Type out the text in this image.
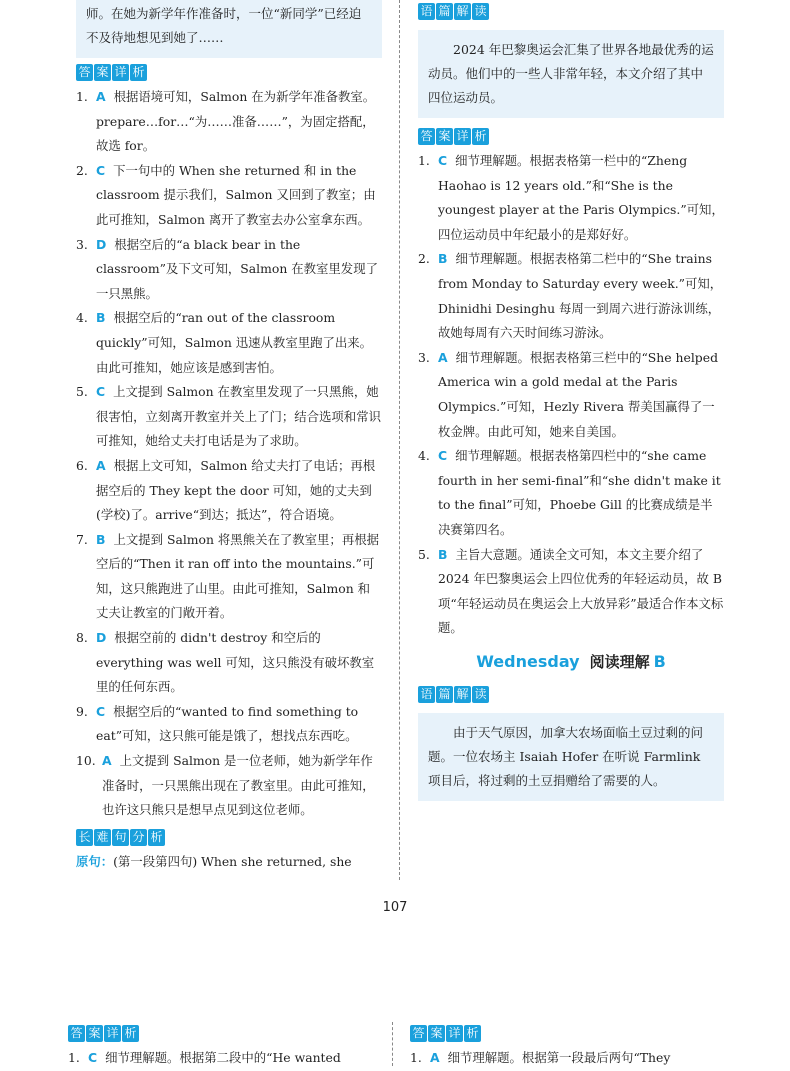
师。在她为新学年作准备时，一位“新同学”已经迫不及待地想见到她了……

答 案 详 析

1. A 根据语境可知，Salmon 在为新学年准备教室。prepare…for…“为……准备……”，为固定搭配，故选 for。

2. C 下一句中的 When she returned 和 in the classroom 提示我们，Salmon 又回到了教室；由此可推知，Salmon 离开了教室去办公室拿东西。

3. D 根据空后的“a black bear in the classroom”及下文可知，Salmon 在教室里发现了一只黑熊。

4. B 根据空后的“ran out of the classroom quickly”可知，Salmon 迅速从教室里跑了出来。由此可推知，她应该是感到害怕。

5. C 上文提到 Salmon 在教室里发现了一只黑熊，她很害怕，立刻离开教室并关上了门；结合选项和常识可推知，她给丈夫打电话是为了求助。

6. A 根据上文可知，Salmon 给丈夫打了电话；再根据空后的 They kept the door 可知，她的丈夫到(学校)了。arrive“到达；抵达”，符合语境。

7. B 上文提到 Salmon 将黑熊关在了教室里；再根据空后的“Then it ran off into the mountains.”可知，这只熊跑进了山里。由此可推知，Salmon 和丈夫让教室的门敞开着。

8. D 根据空前的 didn't destroy 和空后的 everything was well 可知，这只熊没有破坏教室里的任何东西。

9. C 根据空后的“wanted to find something to eat”可知，这只熊可能是饿了，想找点东西吃。

10. A 上文提到 Salmon 是一位老师，她为新学年作准备时，一只黑熊出现在了教室里。由此可推知，也许这只熊只是想早点见到这位老师。

长 难 句 分 析
原句：(第一段第四句) When she returned, she
语 篇 解 读

2024 年巴黎奥运会汇集了世界各地最优秀的运动员。他们中的一些人非常年轻，本文介绍了其中四位运动员。

答 案 详 析

1. C 细节理解题。根据表格第一栏中的“Zheng Haohao is 12 years old.”和“She is the youngest player at the Paris Olympics.”可知，四位运动员中年纪最小的是郑好好。

2. B 细节理解题。根据表格第二栏中的“She trains from Monday to Saturday every week.”可知，Dhinidhi Desinghu 每周一到周六进行游泳训练，故她每周有六天时间练习游泳。

3. A 细节理解题。根据表格第三栏中的“She helped America win a gold medal at the Paris Olympics.”可知，Hezly Rivera 帮美国赢得了一枚金牌。由此可知，她来自美国。

4. C 细节理解题。根据表格第四栏中的“she came fourth in her semi-final”和“she didn't make it to the final”可知，Phoebe Gill 的比赛成绩是半决赛第四名。

5. B 主旨大意题。通读全文可知，本文主要介绍了 2024 年巴黎奥运会上四位优秀的年轻运动员，故 B 项“年轻运动员在奥运会上大放异彩”最适合作本文标题。

Wednesday 阅读理解 B
语 篇 解 读

由于天气原因，加拿大农场面临土豆过剩的问题。一位农场主 Isaiah Hofer 在听说 Farmlink 项目后，将过剩的土豆捐赠给了需要的人。

107
答 案 详 析

1. C 细节理解题。根据第二段中的“He wanted

答 案 详 析

1. A 细节理解题。根据第一段最后两句“They
